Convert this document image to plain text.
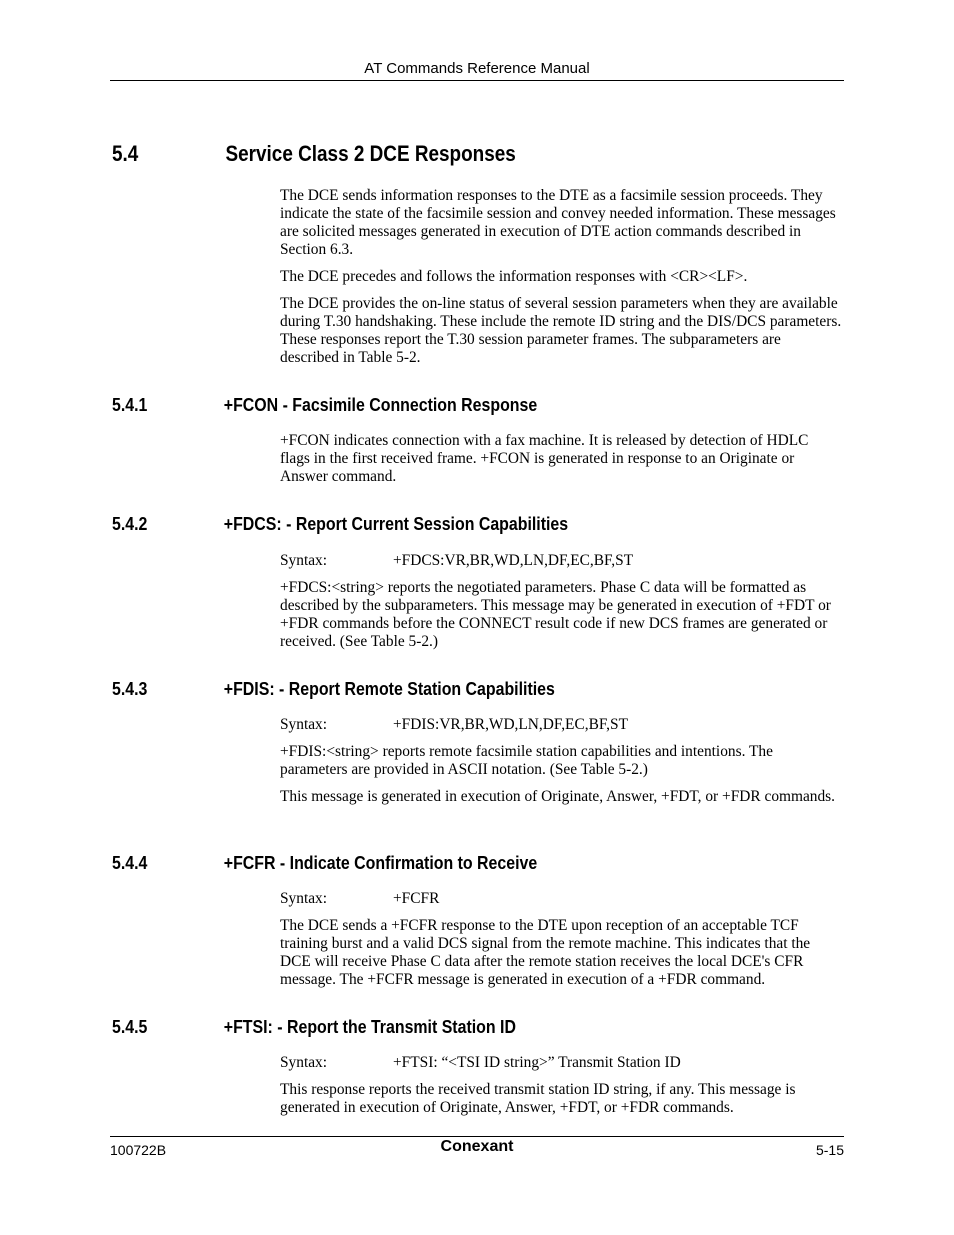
AT Commands Reference Manual
5.4	Service Class 2 DCE Responses

The DCE sends information responses to the DTE as a facsimile session proceeds. They indicate the state of the facsimile session and convey needed information. These messages are solicited messages generated in execution of DTE action commands described in Section 6.3.

The DCE precedes and follows the information responses with <CR><LF>.

The DCE provides the on-line status of several session parameters when they are available during T.30 handshaking. These include the remote ID string and the DIS/DCS parameters. These responses report the T.30 session parameter frames. The subparameters are described in Table 5-2.

5.4.1	+FCON - Facsimile Connection Response

+FCON indicates connection with a fax machine. It is released by detection of HDLC flags in the first received frame. +FCON is generated in response to an Originate or Answer command.

5.4.2	+FDCS: - Report Current Session Capabilities
Syntax:	+FDCS:VR,BR,WD,LN,DF,EC,BF,ST

+FDCS:<string> reports the negotiated parameters. Phase C data will be formatted as described by the subparameters. This message may be generated in execution of +FDT or +FDR commands before the CONNECT result code if new DCS frames are generated or received. (See Table 5-2.)

5.4.3	+FDIS: - Report Remote Station Capabilities
Syntax:	+FDIS:VR,BR,WD,LN,DF,EC,BF,ST

+FDIS:<string> reports remote facsimile station capabilities and intentions. The parameters are provided in ASCII notation. (See Table 5-2.)

This message is generated in execution of Originate, Answer, +FDT, or +FDR commands.

5.4.4	+FCFR - Indicate Confirmation to Receive
Syntax:	+FCFR

The DCE sends a +FCFR response to the DTE upon reception of an acceptable TCF training burst and a valid DCS signal from the remote machine. This indicates that the DCE will receive Phase C data after the remote station receives the local DCE's CFR message. The +FCFR message is generated in execution of a +FDR command.

5.4.5	+FTSI: - Report the Transmit Station ID
Syntax:	+FTSI: “<TSI ID string>” Transmit Station ID

This response reports the received transmit station ID string, if any. This message is generated in execution of Originate, Answer, +FDT, or +FDR commands.

100722B	Conexant	5-15
